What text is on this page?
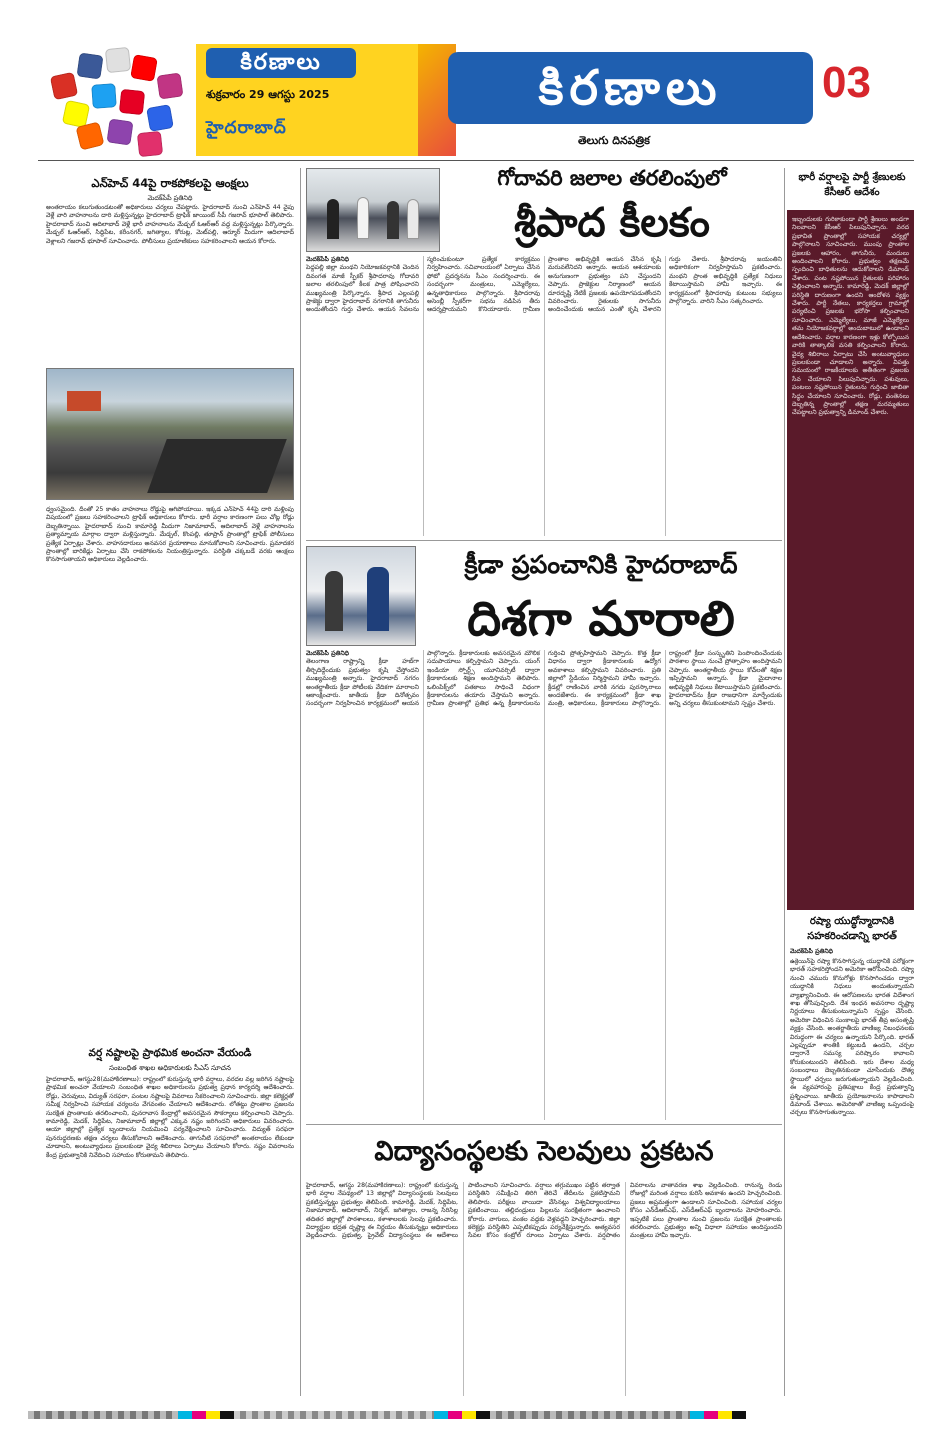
కిరణాలు
శుక్రవారం 29 ఆగస్టు 2025
హైదరాబాద్
కిరణాలు
తెలుగు దినపత్రిక
03
ఎన్‌హెచ్ 44పై రాకపోకలపై ఆంక్షలు
మెదక్‌పేపీ ప్రతినిధి
అంతరాయం కలుగుతుండటంతో అధికారులు చర్యలు చేపట్టారు. హైదరాబాద్ నుంచి ఎన్‌హెచ్ 44 వైపు వెళ్లే వారి వాహనాలను దారి మళ్లిస్తున్నట్లు హైదరాబాద్ ట్రాఫిక్ జాయింట్ సీపీ గజరావ్ భూపాల్ తెలిపారు. హైదరాబాద్ నుంచి ఆదిలాబాద్ వెళ్లే భారీ వాహనాలను మేడ్చల్ ఓఆర్‌ఆర్ వద్ద మళ్లిస్తున్నట్లు పేర్కొన్నారు. మేడ్చల్ ఓఆర్‌ఆర్, సిద్దిపేట, కరీంనగర్, జగిత్యాల, కోరుట్ల, మెట్‌పల్లి, ఆర్మూర్ మీదుగా ఆదిలాబాద్ వెళ్లాలని గజరావ్ భూపాల్ సూచించారు. పోలీసులు ప్రయాణికులు సహకరించాలని ఆయన కోరారు.
ధ్వంసమైంది. దీంతో 25 కాతం వాహనాలు రోడ్డుపై ఆగిపోయాయి. ఇక్కడ ఎన్‌హెచ్ 44పై దారి మళ్లింపు విషయంలో ప్రజలు సహకరించాలని ట్రాఫిక్ అధికారులు కోరారు. భారీ వర్షాల కారణంగా పలు చోట్ల రోడ్లు దెబ్బతిన్నాయి. హైదరాబాద్ నుంచి కామారెడ్డి మీదుగా నిజామాబాద్, ఆదిలాబాద్ వెళ్లే వాహనాలను ప్రత్యామ్నాయ మార్గాల ద్వారా మళ్లిస్తున్నారు. మేడ్చల్, కొంపల్లి, తూప్రాన్ ప్రాంతాల్లో ట్రాఫిక్ పోలీసులు ప్రత్యేక ఏర్పాట్లు చేశారు. వాహనదారులు అనవసర ప్రయాణాలు మానుకోవాలని సూచించారు. ప్రమాదకర ప్రాంతాల్లో బారికేడ్లు ఏర్పాటు చేసి రాకపోకలను నియంత్రిస్తున్నారు. పరిస్థితి చక్కబడే వరకు ఆంక్షలు కొనసాగుతాయని అధికారులు వెల్లడించారు.
వర్ష నష్టాలపై ప్రాథమిక అంచనా వేయండి
సంబంధిత శాఖల అధికారులకు సీఎస్ సూచన
హైదరాబాద్, ఆగస్టు28(మహాకిరణాలు): రాష్ట్రంలో కురుస్తున్న భారీ వర్షాలు, వరదల వల్ల జరిగిన నష్టాలపై ప్రాథమిక అంచనా వేయాలని సంబంధిత శాఖల అధికారులను ప్రభుత్వ ప్రధాన కార్యదర్శి ఆదేశించారు. రోడ్లు, చెరువులు, విద్యుత్ సరఫరా, పంటల నష్టాలపై వివరాలు సేకరించాలని సూచించారు. జిల్లా కలెక్టర్లతో సమీక్ష నిర్వహించి సహాయక చర్యలను వేగవంతం చేయాలని ఆదేశించారు. లోతట్టు ప్రాంతాల ప్రజలను సురక్షిత ప్రాంతాలకు తరలించాలని, పునరావాస కేంద్రాల్లో అవసరమైన సౌకర్యాలు కల్పించాలని చెప్పారు. కామారెడ్డి, మెదక్, సిద్దిపేట, నిజామాబాద్ జిల్లాల్లో ఎక్కువ నష్టం జరిగిందని అధికారులు వివరించారు. ఆయా జిల్లాల్లో ప్రత్యేక బృందాలను నియమించి పర్యవేక్షించాలని సూచించారు. విద్యుత్ సరఫరా పునరుద్ధరణకు తక్షణ చర్యలు తీసుకోవాలని ఆదేశించారు. తాగునీటి సరఫరాలో అంతరాయం లేకుండా చూడాలని, అంటువ్యాధులు ప్రబలకుండా వైద్య శిబిరాలు ఏర్పాటు చేయాలని కోరారు. నష్టం వివరాలను కేంద్ర ప్రభుత్వానికి నివేదించి సహాయం కోరుతామని తెలిపారు.
గోదావరి జలాల తరలింపులో
శ్రీపాద కీలకం
మెదక్‌పేపీ ప్రతినిధి
పెద్దపల్లి జిల్లా మంథని నియోజకవర్గానికి చెందిన దివంగత మాజీ స్పీకర్ శ్రీపాదరావు గోదావరి జలాల తరలింపులో కీలక పాత్ర పోషించారని ముఖ్యమంత్రి పేర్కొన్నారు. శ్రీపాద ఎల్లంపల్లి ప్రాజెక్టు ద్వారా హైదరాబాద్ నగరానికి తాగునీరు అందుతోందని గుర్తు చేశారు. ఆయన సేవలను స్మరించుకుంటూ ప్రత్యేక కార్యక్రమం నిర్వహించారు. సచివాలయంలో ఏర్పాటు చేసిన ఫోటో ప్రదర్శనను సీఎం సందర్శించారు. ఈ సందర్భంగా మంత్రులు, ఎమ్మెల్యేలు, ఉన్నతాధికారులు పాల్గొన్నారు. శ్రీపాదరావు అసెంబ్లీ స్పీకర్‌గా సభను నడిపిన తీరు ఆదర్శప్రాయమని కొనియాడారు. గ్రామీణ ప్రాంతాల అభివృద్ధికి ఆయన చేసిన కృషి మరువలేనిదని అన్నారు. ఆయన ఆశయాలకు అనుగుణంగా ప్రభుత్వం పని చేస్తుందని చెప్పారు. ప్రాజెక్టుల నిర్మాణంలో ఆయన దూరదృష్టి నేటికీ ప్రజలకు ఉపయోగపడుతోందని వివరించారు. రైతులకు సాగునీరు అందించేందుకు ఆయన ఎంతో కృషి చేశారని గుర్తు చేశారు. శ్రీపాదరావు జయంతిని అధికారికంగా నిర్వహిస్తామని ప్రకటించారు. మంథని ప్రాంత అభివృద్ధికి ప్రత్యేక నిధులు కేటాయిస్తామని హామీ ఇచ్చారు. ఈ కార్యక్రమంలో శ్రీపాదరావు కుటుంబ సభ్యులు పాల్గొన్నారు. వారిని సీఎం సత్కరించారు.
క్రీడా ప్రపంచానికి హైదరాబాద్
దిశగా మారాలి
మెదక్‌పేపీ ప్రతినిధి
తెలంగాణ రాష్ట్రాన్ని క్రీడా హబ్‌గా తీర్చిదిద్దేందుకు ప్రభుత్వం కృషి చేస్తోందని ముఖ్యమంత్రి అన్నారు. హైదరాబాద్ నగరం అంతర్జాతీయ క్రీడా పోటీలకు వేదికగా మారాలని ఆకాంక్షించారు. జాతీయ క్రీడా దినోత్సవం సందర్భంగా నిర్వహించిన కార్యక్రమంలో ఆయన పాల్గొన్నారు. క్రీడాకారులకు అవసరమైన మౌలిక సదుపాయాలు కల్పిస్తామని చెప్పారు. యంగ్ ఇండియా స్పోర్ట్స్ యూనివర్సిటీ ద్వారా క్రీడాకారులకు శిక్షణ అందిస్తామని తెలిపారు. ఒలింపిక్స్‌లో పతకాలు సాధించే విధంగా క్రీడాకారులను తయారు చేస్తామని అన్నారు. గ్రామీణ ప్రాంతాల్లో ప్రతిభ ఉన్న క్రీడాకారులను గుర్తించి ప్రోత్సహిస్తామని చెప్పారు. కొత్త క్రీడా విధానం ద్వారా క్రీడాకారులకు ఉద్యోగ అవకాశాలు కల్పిస్తామని వివరించారు. ప్రతి జిల్లాలో స్టేడియం నిర్మిస్తామని హామీ ఇచ్చారు. క్రీడల్లో రాణించిన వారికి నగదు పురస్కారాలు అందజేశారు. ఈ కార్యక్రమంలో క్రీడా శాఖ మంత్రి, అధికారులు, క్రీడాకారులు పాల్గొన్నారు. రాష్ట్రంలో క్రీడా సంస్కృతిని పెంపొందించేందుకు పాఠశాల స్థాయి నుంచే ప్రోత్సాహం అందిస్తామని చెప్పారు. అంతర్జాతీయ స్థాయి కోచ్‌లతో శిక్షణ ఇప్పిస్తామని అన్నారు. క్రీడా మైదానాల అభివృద్ధికి నిధులు కేటాయిస్తామని ప్రకటించారు. హైదరాబాద్‌ను క్రీడా రాజధానిగా మార్చేందుకు అన్ని చర్యలు తీసుకుంటామని స్పష్టం చేశారు.
విద్యాసంస్థలకు సెలవులు ప్రకటన
హైదరాబాద్, ఆగస్టు 28(మహాకిరణాలు): రాష్ట్రంలో కురుస్తున్న భారీ వర్షాల నేపథ్యంలో 13 జిల్లాల్లో విద్యాసంస్థలకు సెలవులు ప్రకటిస్తున్నట్లు ప్రభుత్వం తెలిపింది. కామారెడ్డి, మెదక్, సిద్దిపేట, నిజామాబాద్, ఆదిలాబాద్, నిర్మల్, జగిత్యాల, రాజన్న సిరిసిల్ల తదితర జిల్లాల్లో పాఠశాలలు, కళాశాలలకు సెలవు ప్రకటించారు. విద్యార్థుల భద్రత దృష్ట్యా ఈ నిర్ణయం తీసుకున్నట్లు అధికారులు వెల్లడించారు. ప్రభుత్వ, ప్రైవేట్ విద్యాసంస్థలు ఈ ఆదేశాలు పాటించాలని సూచించారు. వర్షాలు తగ్గుముఖం పట్టిన తర్వాత పరిస్థితిని సమీక్షించి తిరిగి తెరిచే తేదీలను ప్రకటిస్తామని తెలిపారు. పరీక్షలు వాయిదా వేసినట్లు విశ్వవిద్యాలయాలు ప్రకటించాయి. తల్లిదండ్రులు పిల్లలను సురక్షితంగా ఉంచాలని కోరారు. వాగులు, వంకల వద్దకు వెళ్లవద్దని హెచ్చరించారు. జిల్లా కలెక్టర్లు పరిస్థితిని ఎప్పటికప్పుడు పర్యవేక్షిస్తున్నారు. అత్యవసర సేవల కోసం కంట్రోల్ రూంలు ఏర్పాటు చేశారు. వర్షపాతం వివరాలను వాతావరణ శాఖ వెల్లడించింది. రానున్న రెండు రోజుల్లో మరింత వర్షాలు కురిసే అవకాశం ఉందని హెచ్చరించింది. ప్రజలు అప్రమత్తంగా ఉండాలని సూచించింది. సహాయక చర్యల కోసం ఎన్‌డీఆర్‌ఎఫ్, ఎస్‌డీఆర్‌ఎఫ్ బృందాలను మోహరించారు. ఇప్పటికే పలు ప్రాంతాల నుంచి ప్రజలను సురక్షిత ప్రాంతాలకు తరలించారు. ప్రభుత్వం అన్ని విధాలా సహాయం అందిస్తుందని మంత్రులు హామీ ఇచ్చారు.
భారీ వర్షాలపై పార్టీ శ్రేణులకు కేసీఆర్ ఆదేశం
ఇబ్బందులకు గురికాకుండా పార్టీ శ్రేణులు అండగా నిలవాలని కేసీఆర్ పిలుపునిచ్చారు. వరద ప్రభావిత ప్రాంతాల్లో సహాయక చర్యల్లో పాల్గొనాలని సూచించారు. ముంపు ప్రాంతాల ప్రజలకు ఆహారం, తాగునీరు, మందులు అందించాలని కోరారు. ప్రభుత్వం తక్షణమే స్పందించి బాధితులను ఆదుకోవాలని డిమాండ్ చేశారు. పంట నష్టపోయిన రైతులకు పరిహారం చెల్లించాలని అన్నారు. కామారెడ్డి, మెదక్ జిల్లాల్లో పరిస్థితి దారుణంగా ఉందని ఆందోళన వ్యక్తం చేశారు. పార్టీ నేతలు, కార్యకర్తలు గ్రామాల్లో పర్యటించి ప్రజలకు భరోసా కల్పించాలని సూచించారు. ఎమ్మెల్యేలు, మాజీ ఎమ్మెల్యేలు తమ నియోజకవర్గాల్లో అందుబాటులో ఉండాలని ఆదేశించారు. వర్షాల కారణంగా ఇళ్లు కోల్పోయిన వారికి తాత్కాలిక వసతి కల్పించాలని కోరారు. వైద్య శిబిరాలు ఏర్పాటు చేసి అంటువ్యాధులు ప్రబలకుండా చూడాలని అన్నారు. విపత్తు సమయంలో రాజకీయాలకు అతీతంగా ప్రజలకు సేవ చేయాలని పిలుపునిచ్చారు. పశువులు, పంటలు నష్టపోయిన రైతులను గుర్తించి జాబితా సిద్ధం చేయాలని సూచించారు. రోడ్లు, వంతెనలు దెబ్బతిన్న ప్రాంతాల్లో తక్షణ మరమ్మతులు చేపట్టాలని ప్రభుత్వాన్ని డిమాండ్ చేశారు.
రష్యా యుద్ధోన్మాదానికి సహకరించడాన్ని భారత్
మెదక్‌పేపీ ప్రతినిధి
ఉక్రెయిన్‌పై రష్యా కొనసాగిస్తున్న యుద్ధానికి పరోక్షంగా భారత్ సహకరిస్తోందని అమెరికా ఆరోపించింది. రష్యా నుంచి చమురు కొనుగోళ్లు కొనసాగించడం ద్వారా యుద్ధానికి నిధులు అందుతున్నాయని వ్యాఖ్యానించింది. ఈ ఆరోపణలను భారత విదేశాంగ శాఖ తోసిపుచ్చింది. దేశ ఇంధన అవసరాల దృష్ట్యా నిర్ణయాలు తీసుకుంటున్నామని స్పష్టం చేసింది. అమెరికా విధించిన సుంకాలపై భారత్ తీవ్ర అసంతృప్తి వ్యక్తం చేసింది. అంతర్జాతీయ వాణిజ్య నిబంధనలకు విరుద్ధంగా ఈ చర్యలు ఉన్నాయని పేర్కొంది. భారత్ ఎల్లప్పుడూ శాంతికి కట్టుబడి ఉందని, చర్చల ద్వారానే సమస్య పరిష్కారం కావాలని కోరుకుంటుందని తెలిపింది. ఇరు దేశాల మధ్య సంబంధాలు దెబ్బతినకుండా చూసేందుకు దౌత్య స్థాయిలో చర్చలు జరుగుతున్నాయని వెల్లడించింది. ఈ వ్యవహారంపై ప్రతిపక్షాలు కేంద్ర ప్రభుత్వాన్ని ప్రశ్నించాయి. జాతీయ ప్రయోజనాలను కాపాడాలని డిమాండ్ చేశాయి. అమెరికాతో వాణిజ్య ఒప్పందంపై చర్చలు కొనసాగుతున్నాయి.
